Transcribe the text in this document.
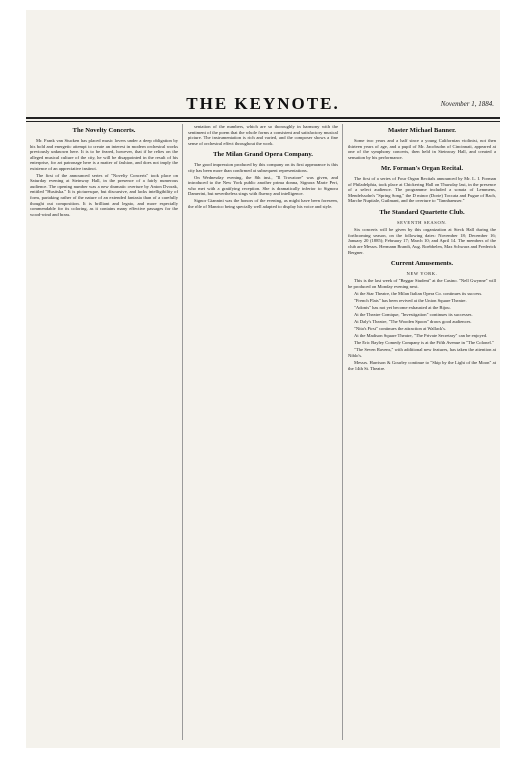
THE KEYNOTE.	November 1, 1884.
The Novelty Concerts.

Mr. Frank van Stucken has placed music lovers under a deep obligation by his bold and energetic attempt to create an interest in modern orchestral works previously unknown here. It is to be feared, however, that if he relies on the alleged musical culture of the city, he will be disappointed in the result of his enterprise, for art patronage here is a matter of fashion, and does not imply the existence of an appreciative instinct.

The first of the announced series of "Novelty Concerts" took place on Saturday evening at Steinway Hall, in the presence of a fairly numerous audience. The opening number was a new dramatic overture by Anton Dvorak, entitled "Husitska." It is picturesque, but discursive, and lacks intelligibility of form, partaking rather of the nature of an extended fantasia than of a carefully thought out composition. It is brilliant and legato, and more especially commendable for its coloring, as it contains many effective passages for the wood-wind and brass.

sentation of the numbers, which are so thoroughly in harmony with the sentiment of the poem that the whole forms a consistent and satisfactory musical picture. The instrumentation is rich and varied, and the composer shows a fine sense of orchestral effect throughout the work.

The Milan Grand Opera Company.

The good impression produced by this company on its first appearance is this city has been more than confirmed at subsequent representations.

On Wednesday evening, the 8th inst., "Il Trovatore" was given, and introduced to the New York public another prima donna, Signora Marie Peri, who met with a gratifying reception. She is dramatically inferior to Signora Damerini, but nevertheless sings with fluency and intelligence.

Signor Giannini was the honors of the evening, as might have been foreseen, the rôle of Manrico being specially well adapted to display his voice and style.

Master Michael Banner.

Some two years and a half since a young Californian violinist, not then thirteen years of age, and a pupil of Mr. Jacobsohn of Cincinnati, appeared at one of the symphony concerts, then held in Steinway Hall, and created a sensation by his performance.

Mr. Forman's Organ Recital.

The first of a series of Four Organ Recitals announced by Mr. L. I. Forman of Philadelphia, took place at Chickering Hall on Thursday last, in the presence of a select audience. The programme included a sonata of Lemmens, Mendelssohn's "Spring Song," the D minor (Dorie) Toccata and Fugue of Bach, Marche Nuptiale, Guilmant, and the overture to "Tannhaeuser."

The Standard Quartette Club.
SEVENTH SEASON.

Six concerts will be given by this organization at Steck Hall during the forthcoming season, on the following dates: November 18; December 16; January 20 (1885); February 17; March 10; and April 14. The members of the club are Messrs. Hermann Brandt, Aug. Roebbelen, Max Schwarz and Frederick Bergner.

Current Amusements.
NEW YORK.

This is the last week of "Beggar Student" at the Casino. "Nell Gwynne" will be produced on Monday evening next.

At the Star Theatre, the Milan Italian Opera Co. continues its success.

"French Flats" has been revived at the Union Square Theatre.

"Adonis" has not yet become exhausted at the Bijou.

At the Theatre Comique, "Investigation" continues its successes.

At Daly's Theatre, "The Wooden Spoon" draws good audiences.

"Nita's First" continues the attraction at Wallack's.

At the Madison Square Theatre, "The Private Secretary" can be enjoyed.

The Eric Bayley Comedy Company is at the Fifth Avenue in "The Colonel."

"The Seven Ravens," with additional new features, has taken the attention at Niblo's.

Messrs. Harrison & Gourley continue to "Skip by the Light of the Moon" at the 14th St. Theatre.
